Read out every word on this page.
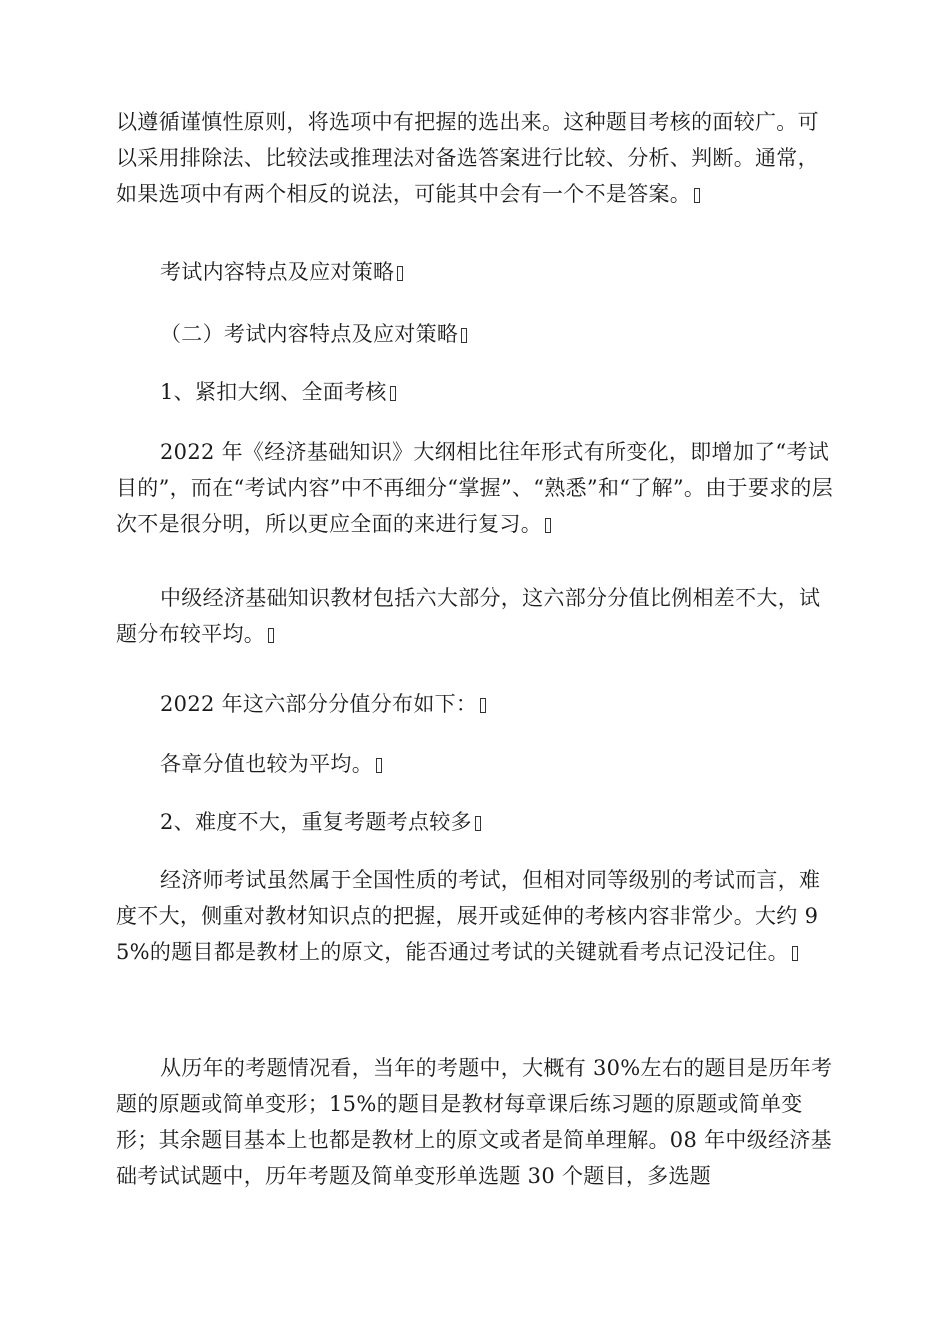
以遵循谨慎性原则，将选项中有把握的选出来。这种题目考核的面较广。可以采用排除法、比较法或推理法对备选答案进行比较、分析、判断。通常，如果选项中有两个相反的说法，可能其中会有一个不是答案。

考试内容特点及应对策略

（二）考试内容特点及应对策略

1、紧扣大纲、全面考核

2022 年《经济基础知识》大纲相比往年形式有所变化，即增加了“考试目的”，而在“考试内容”中不再细分“掌握”、“熟悉”和“了解”。由于要求的层次不是很分明，所以更应全面的来进行复习。

中级经济基础知识教材包括六大部分，这六部分分值比例相差不大，试题分布较平均。

2022 年这六部分分值分布如下：

各章分值也较为平均。

2、难度不大，重复考题考点较多

经济师考试虽然属于全国性质的考试，但相对同等级别的考试而言，难度不大，侧重对教材知识点的把握，展开或延伸的考核内容非常少。大约 95%的题目都是教材上的原文，能否通过考试的关键就看考点记没记住。

从历年的考题情况看，当年的考题中，大概有 30%左右的题目是历年考题的原题或简单变形；15%的题目是教材每章课后练习题的原题或简单变形；其余题目基本上也都是教材上的原文或者是简单理解。08 年中级经济基础考试试题中，历年考题及简单变形单选题 30 个题目，多选题
